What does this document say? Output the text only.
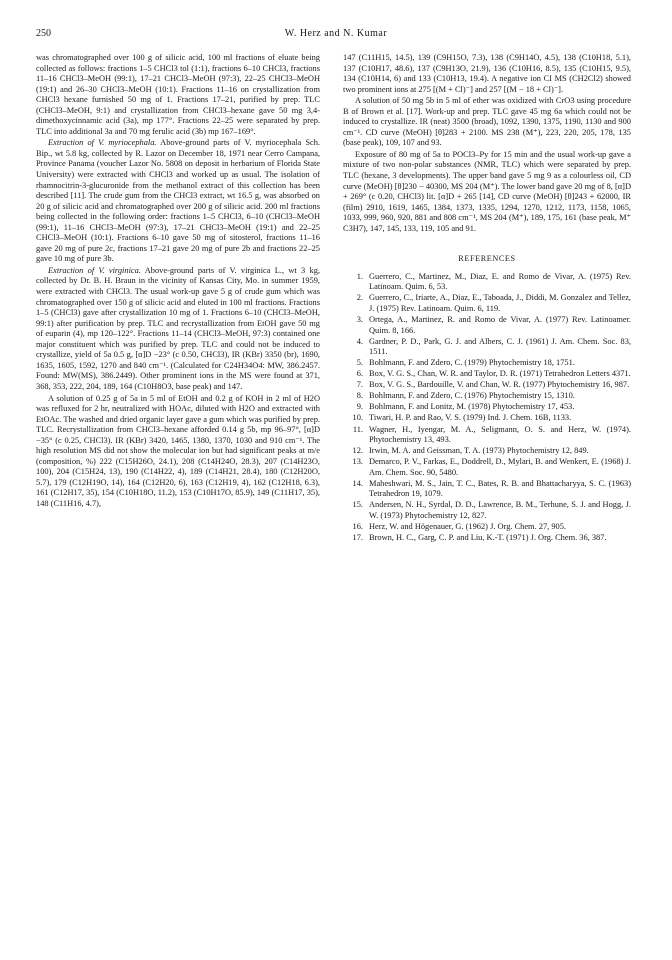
250	W. Herz and N. Kumar

was chromatographed over 100 g of silicic acid, 100 ml fractions of eluate being collected as follows: fractions 1–5 CHCl3 tol (1:1), fractions 6–10 CHCl3, fractions 11–16 CHCl3–MeOH (99:1), 17–21 CHCl3–MeOH (97:3), 22–25 CHCl3–MeOH (19:1) and 26–30 CHCl3–MeOH (10:1). Fractions 11–16 on crystallization from CHCl3 hexane furnished 50 mg of 1. Fractions 17–21, purified by prep. TLC (CHCl3–MeOH, 9:1) and crystallization from CHCl3–hexane gave 50 mg 3,4-dimethoxycinnamic acid (3a), mp 177°. Fractions 22–25 were separated by prep. TLC into additional 3a and 70 mg ferulic acid (3b) mp 167–169°.

Extraction of V. myriocephala. Above-ground parts of V. myriocephala Sch. Bip., wt 5.8 kg, collected by R. Lazor on December 18, 1971 near Cerro Campana, Province Panama (voucher Lazor No. 5808 on deposit in herbarium of Florida State University) were extracted with CHCl3 and worked up as usual. The isolation of rhamnocitrin-3-glucuronide from the methanol extract of this collection has been described [11]. The crude gum from the CHCl3 extract, wt 16.5 g, was absorbed on 20 g of silicic acid and chromatographed over 200 g of silicic acid. 200 ml fractions being collected in the following order: fractions 1–5 CHCl3, 6–10 (CHCl3–MeOH (99:1), 11–16 CHCl3–MeOH (97:3), 17–21 CHCl3–MeOH (19:1) and 22–25 CHCl3–MeOH (10:1). Fractions 6–10 gave 50 mg of sitosterol, fractions 11–16 gave 20 mg of pure 2c, fractions 17–21 gave 20 mg of pure 2b and fractions 22–25 gave 10 mg of pure 3b.

Extraction of V. virginica. Above-ground parts of V. virginica L., wt 3 kg, collected by Dr. B. H. Braun in the vicinity of Kansas City, Mo. in summer 1959, were extracted with CHCl3. The usual work-up gave 5 g of crude gum which was chromatographed over 150 g of silicic acid and eluted in 100 ml fractions. Fractions 1–5 (CHCl3) gave after crystallization 10 mg of 1. Fractions 6–10 (CHCl3–MeOH, 99:1) after purification by prep. TLC and recrystallization from EtOH gave 50 mg of euparin (4), mp 120–122°. Fractions 11–14 (CHCl3–MeOH, 97:3) contained one major constituent which was purified by prep. TLC and could not be induced to crystallize, yield of 5a 0.5 g, [α]D −23° (c 0.50, CHCl3), IR (KBr) 3350 (br), 1690, 1635, 1605, 1592, 1270 and 840 cm⁻¹. (Calculated for C24H34O4: MW, 386.2457. Found: MW(MS), 386.2449). Other prominent ions in the MS were found at 371, 368, 353, 222, 204, 189, 164 (C10H8O3, base peak) and 147.

A solution of 0.25 g of 5a in 5 ml of EtOH and 0.2 g of KOH in 2 ml of H2O was refluxed for 2 hr, neutralized with HOAc, diluted with H2O and extracted with EtOAc. The washed and dried organic layer gave a gum which was purified by prep. TLC. Recrystallization from CHCl3–hexane afforded 0.14 g 5b, mp 96–97°, [α]D −35° (c 0.25, CHCl3). IR (KBr) 3420, 1465, 1380, 1370, 1030 and 910 cm⁻¹. The high resolution MS did not show the molecular ion but had significant peaks at m/e (composition, %) 222 (C15H26O, 24.1), 208 (C14H24O, 28.3), 207 (C14H23O, 100), 204 (C15H24, 13), 190 (C14H22, 4), 189 (C14H21, 28.4), 180 (C12H20O, 5.7), 179 (C12H19O, 14), 164 (C12H20, 6), 163 (C12H19, 4), 162 (C12H18, 6.3), 161 (C12H17, 35), 154 (C10H18O, 11.2), 153 (C10H17O, 85.9), 149 (C11H17, 35), 148 (C11H16, 4.7),

147 (C11H15, 14.5), 139 (C9H15O, 7.3), 138 (C9H14O, 4.5), 138 (C10H18, 5.1), 137 (C10H17, 48.6), 137 (C9H13O, 21.9), 136 (C10H16, 8.5), 135 (C10H15, 9.5), 134 (C10H14, 6) and 133 (C10H13, 19.4). A negative ion CI MS (CH2Cl2) showed two prominent ions at 275 [(M + Cl)⁻] and 257 [(M − 18 + Cl)⁻].

A solution of 50 mg 5b in 5 ml of ether was oxidized with CrO3 using procedure B of Brown et al. [17]. Work-up and prep. TLC gave 45 mg 6a which could not be induced to crystallize. IR (neat) 3500 (broad), 1092, 1390, 1375, 1190, 1130 and 900 cm⁻¹. CD curve (MeOH) [θ]283 + 2100. MS 238 (M⁺), 223, 220, 205, 178, 135 (base peak), 109, 107 and 93.

Exposure of 80 mg of 5a to POCl3–Py for 15 min and the usual work-up gave a mixture of two non-polar substances (NMR, TLC) which were separated by prep. TLC (hexane, 3 developments). The upper band gave 5 mg 9 as a colourless oil, CD curve (MeOH) [θ]230 − 40300, MS 204 (M⁺). The lower band gave 20 mg of 8, [α]D + 269° (c 0.20, CHCl3) lit. [α]D + 265 [14], CD curve (MeOH) [θ]243 + 62000, IR (film) 2910, 1619, 1465, 1384, 1373, 1335, 1294, 1270, 1212, 1173, 1158, 1065, 1033, 999, 960, 920, 881 and 808 cm⁻¹, MS 204 (M⁺), 189, 175, 161 (base peak, M⁺ C3H7), 147, 145, 133, 119, 105 and 91.

REFERENCES
1. Guerrero, C., Martinez, M., Diaz, E. and Romo de Vivar, A. (1975) Rev. Latinoam. Quim. 6, 53.
2. Guerrero, C., Iriarte, A., Diaz, E., Taboada, J., Diddi, M. Gonzalez and Tellez, J. (1975) Rev. Latinoam. Quim. 6, 119.
3. Ortega, A., Martinez, R. and Romo de Vivar, A. (1977) Rev. Latinoamer. Quim. 8, 166.
4. Gardner, P. D., Park, G. J. and Albers, C. J. (1961) J. Am. Chem. Soc. 83, 1511.
5. Bohlmann, F. and Zdero, C. (1979) Phytochemistry 18, 1751.
6. Box, V. G. S., Chan, W. R. and Taylor, D. R. (1971) Tetrahedron Letters 4371.
7. Box, V. G. S., Bardouille, V. and Chan, W. R. (1977) Phytochemistry 16, 987.
8. Bohlmann, F. and Zdero, C. (1976) Phytochemistry 15, 1310.
9. Bohlmann, F. and Lonitz, M. (1978) Phytochemistry 17, 453.
10. Tiwari, H. P. and Rao, V. S. (1979) Ind. J. Chem. 16B, 1133.
11. Wagner, H., Iyengar, M. A., Seligmann, O. S. and Herz, W. (1974). Phytochemistry 13, 493.
12. Irwin, M. A. and Geissman, T. A. (1973) Phytochemistry 12, 849.
13. Demarco, P. V., Farkas, E., Doddrell, D., Mylari, B. and Wenkert, E. (1968) J. Am. Chem. Soc. 90, 5480.
14. Maheshwari, M. S., Jain, T. C., Bates, R. B. and Bhattacharyya, S. C. (1963) Tetrahedron 19, 1079.
15. Andersen, N. H., Syrdal, D. D., Lawrence, B. M., Terhune, S. J. and Hogg, J. W. (1973) Phytochemistry 12, 827.
16. Herz, W. and Högenauer, G. (1962) J. Org. Chem. 27, 905.
17. Brown, H. C., Garg, C. P. and Liu, K.-T. (1971) J. Org. Chem. 36, 387.
